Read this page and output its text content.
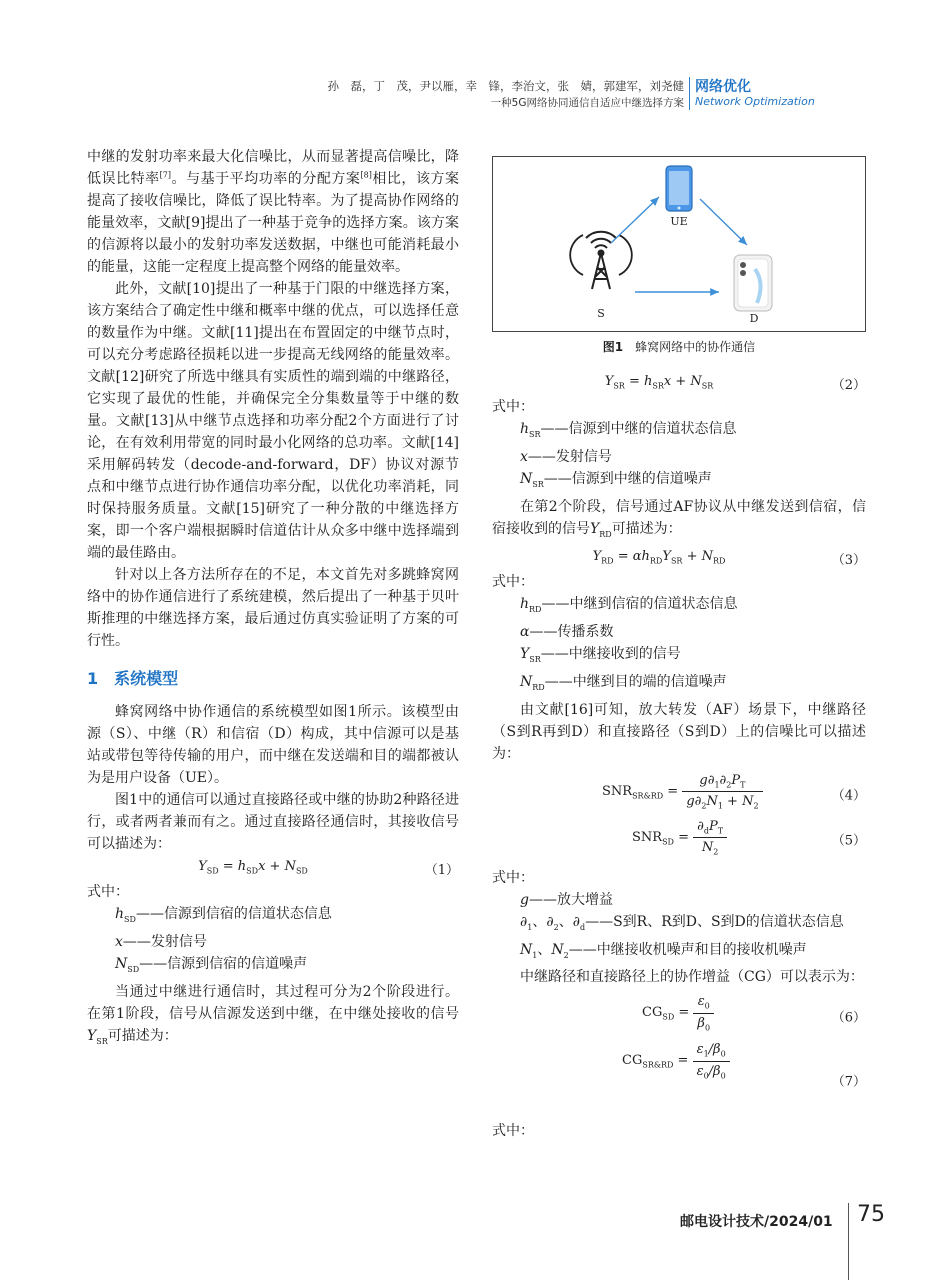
孙　磊，丁　茂，尹以雁，幸　锋，李治文，张　婧，郭建军，刘尧健
一种5G网络协同通信自适应中继选择方案
网络优化
Network Optimization

中继的发射功率来最大化信噪比，从而显著提高信噪比，降低误比特率[7]。与基于平均功率的分配方案[8]相比，该方案提高了接收信噪比，降低了误比特率。为了提高协作网络的能量效率，文献[9]提出了一种基于竞争的选择方案。该方案的信源将以最小的发射功率发送数据，中继也可能消耗最小的能量，这能一定程度上提高整个网络的能量效率。

此外，文献[10]提出了一种基于门限的中继选择方案，该方案结合了确定性中继和概率中继的优点，可以选择任意的数量作为中继。文献[11]提出在布置固定的中继节点时，可以充分考虑路径损耗以进一步提高无线网络的能量效率。文献[12]研究了所选中继具有实质性的端到端的中继路径，它实现了最优的性能，并确保完全分集数量等于中继的数量。文献[13]从中继节点选择和功率分配2个方面进行了讨论，在有效利用带宽的同时最小化网络的总功率。文献[14]采用解码转发（decode-and-forward，DF）协议对源节点和中继节点进行协作通信功率分配，以优化功率消耗，同时保持服务质量。文献[15]研究了一种分散的中继选择方案，即一个客户端根据瞬时信道估计从众多中继中选择端到端的最佳路由。

针对以上各方法所存在的不足，本文首先对多跳蜂窝网络中的协作通信进行了系统建模，然后提出了一种基于贝叶斯推理的中继选择方案，最后通过仿真实验证明了方案的可行性。

1　系统模型

蜂窝网络中协作通信的系统模型如图1所示。该模型由源（S）、中继（R）和信宿（D）构成，其中信源可以是基站或带包等待传输的用户，而中继在发送端和目的端都被认为是用户设备（UE）。

图1中的通信可以通过直接路径或中继的协助2种路径进行，或者两者兼而有之。通过直接路径通信时，其接收信号可以描述为：

$Y_{SD} = h_{SD}x + N_{SD}$	（1）

式中：

$h_{SD}——$信源到信宿的信道状态信息

x——发射信号

$N_{SD}——$信源到信宿的信道噪声

当通过中继进行通信时，其过程可分为2个阶段进行。在第1阶段，信号从信源发送到中继，在中继处接收的信号$Y_{SR}$可描述为：

UE
S	D
图1　 蜂窝网络中的协作通信
$Y_{SR} = h_{SR}x + N_{SR}$	（2）

式中：

$h_{SR}——$信源到中继的信道状态信息

x——发射信号

$N_{SR}——$信源到中继的信道噪声

在第2个阶段，信号通过AF协议从中继发送到信宿，信宿接收到的信号$Y_{RD}$可描述为：

$Y_{RD} = \alpha h_{RD}Y_{SR} + N_{RD}$	（3）

式中：

$h_{RD}——$中继到信宿的信道状态信息

α——传播系数

$Y_{SR}——$中继接收到的信号

$N_{RD}——$中继到目的端的信道噪声

由文献[16]可知，放大转发（AF）场景下，中继路径（S到R再到D）和直接路径（S到D）上的信噪比可以描述为：

$SNR_{SR\&RD} = \frac{g\partial_1\partial_2P_T}{g\partial_2N_1 + N_2}$	（4）
$SNR_{SD} = \frac{\partial_dP_T}{N_2}$	（5）

式中：

g——放大增益

$\partial_1$、$\partial_2$、$\partial_d——S$到R、R到D、S到D的信道状态信息

$N_1$、$N_2——$中继接收机噪声和目的接收机噪声

中继路径和直接路径上的协作增益（CG）可以表示为：

$CG_{SD} = \frac{\varepsilon_0}{\beta_0}$	（6）
$CG_{SR\&RD} = \frac{\varepsilon_1/\beta_0}{\varepsilon_0/\beta_0}$
（7）

式中：

邮电设计技术/2024/01 75
